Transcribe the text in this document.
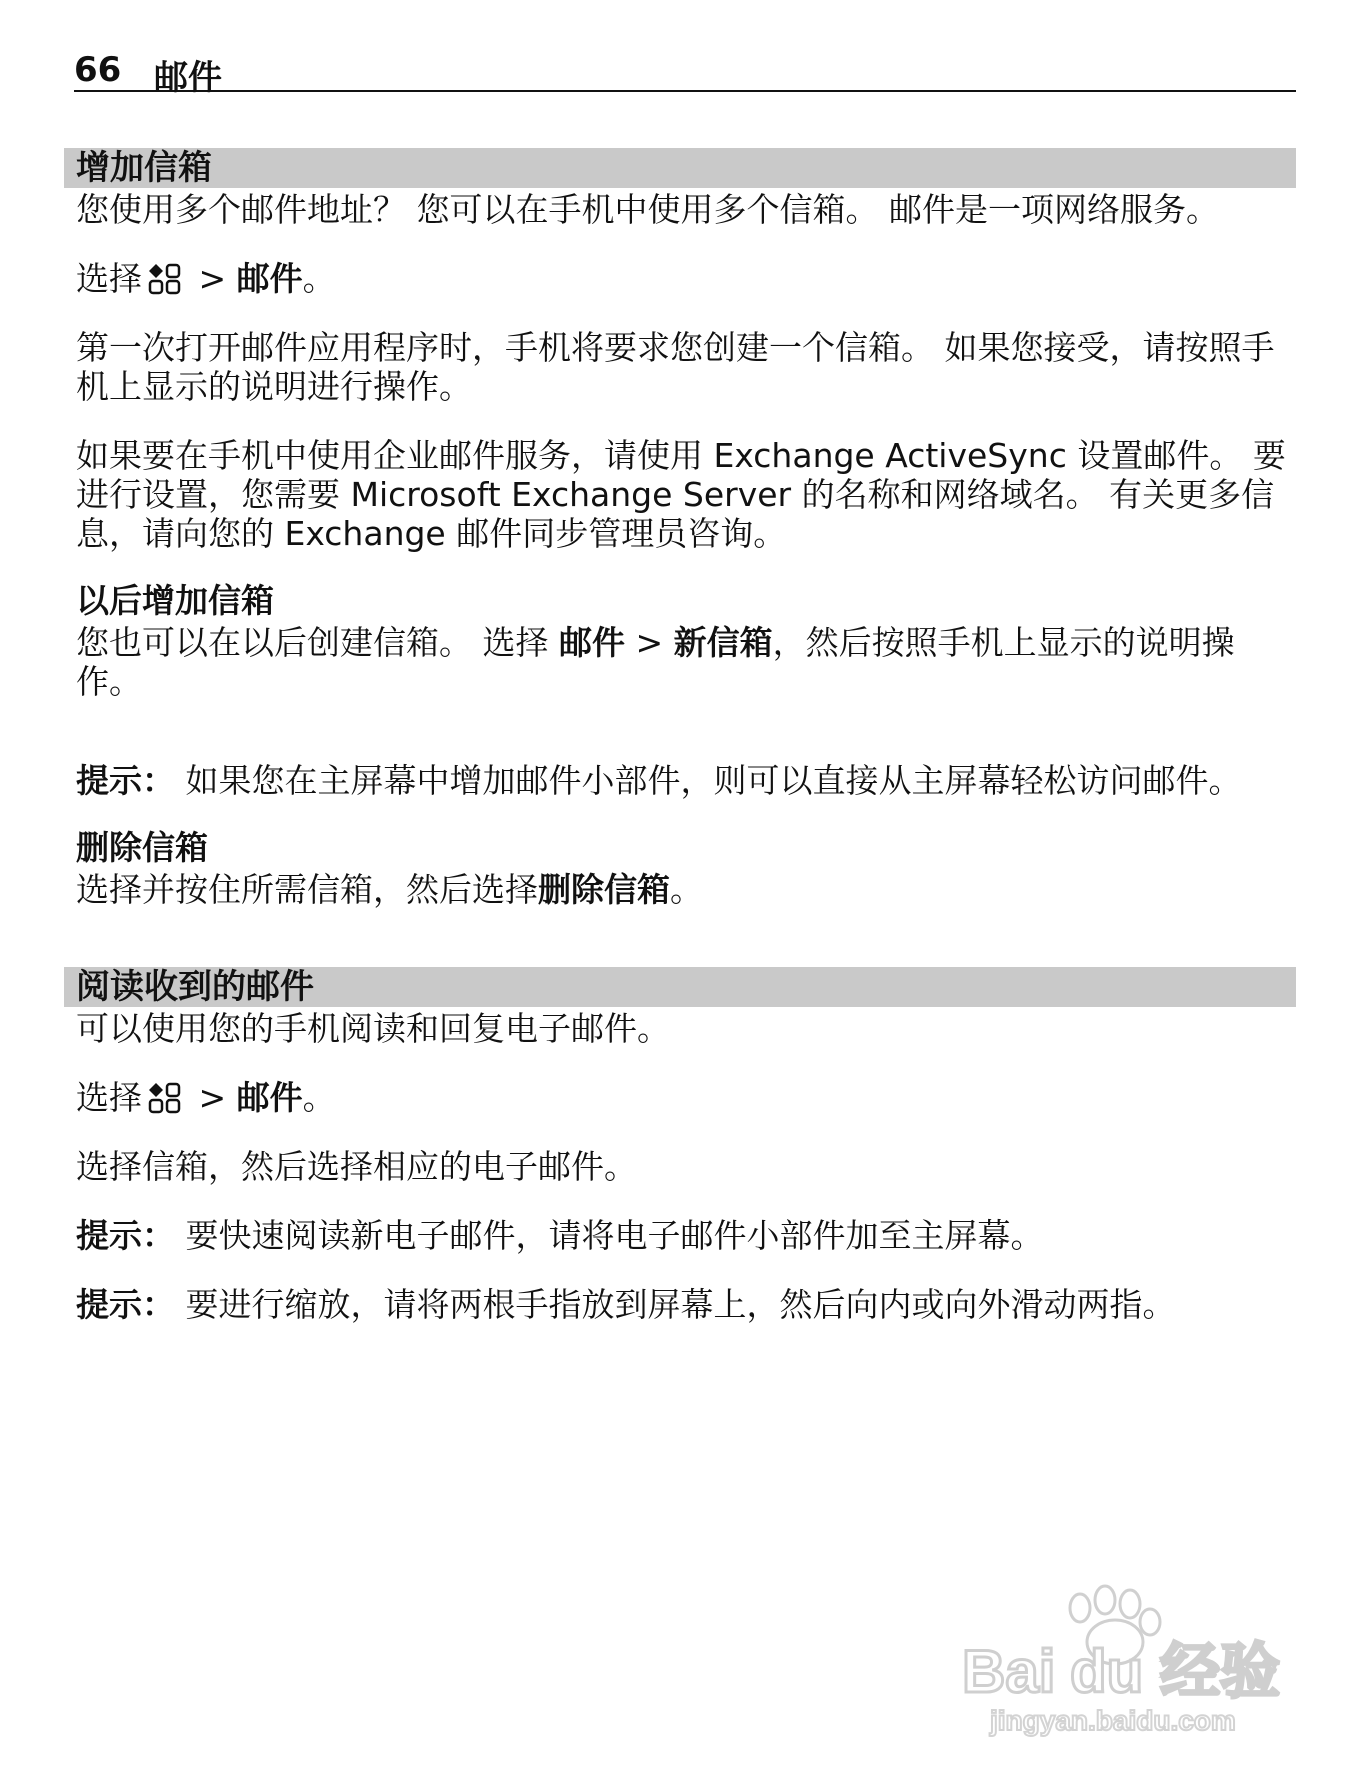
66 邮件
增加信箱
您使用多个邮件地址？ 您可以在手机中使用多个信箱。 邮件是一项网络服务。
选择 > 邮件。
第一次打开邮件应用程序时，手机将要求您创建一个信箱。 如果您接受，请按照手机上显示的说明进行操作。
如果要在手机中使用企业邮件服务，请使用 Exchange ActiveSync 设置邮件。 要进行设置，您需要 Microsoft Exchange Server 的名称和网络域名。 有关更多信息，请向您的 Exchange 邮件同步管理员咨询。
以后增加信箱
您也可以在以后创建信箱。 选择 邮件 > 新信箱，然后按照手机上显示的说明操作。
提示： 如果您在主屏幕中增加邮件小部件，则可以直接从主屏幕轻松访问邮件。
删除信箱
选择并按住所需信箱，然后选择删除信箱。
阅读收到的邮件
可以使用您的手机阅读和回复电子邮件。
选择 > 邮件。
选择信箱，然后选择相应的电子邮件。
提示： 要快速阅读新电子邮件，请将电子邮件小部件加至主屏幕。
提示： 要进行缩放，请将两根手指放到屏幕上，然后向内或向外滑动两指。
Bai du 经验
jingyan.baidu.com
